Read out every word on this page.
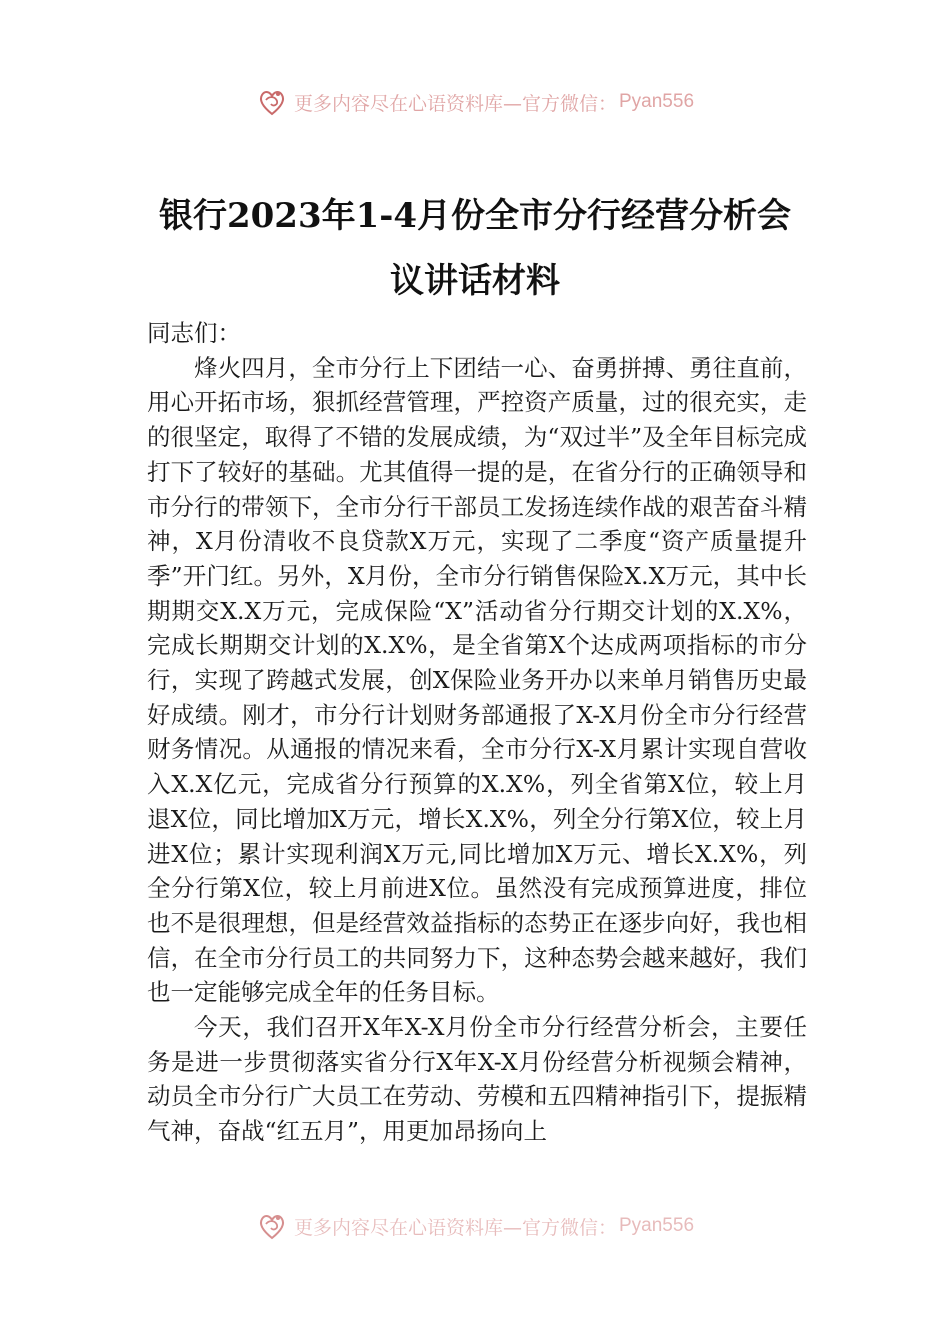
更多内容尽在心语资料库—官方微信： Pyan556
银行2023年1-4月份全市分行经营分析会
议讲话材料

同志们：

烽火四月，全市分行上下团结一心、奋勇拼搏、勇往直前，用心开拓市场，狠抓经营管理，严控资产质量，过的很充实，走的很坚定，取得了不错的发展成绩，为“双过半”及全年目标完成打下了较好的基础。尤其值得一提的是，在省分行的正确领导和市分行的带领下，全市分行干部员工发扬连续作战的艰苦奋斗精神，X月份清收不良贷款X万元，实现了二季度“资产质量提升季”开门红。另外，X月份，全市分行销售保险X.X万元，其中长期期交X.X万元，完成保险“X”活动省分行期交计划的X.X%，完成长期期交计划的X.X%，是全省第X个达成两项指标的市分行，实现了跨越式发展，创X保险业务开办以来单月销售历史最好成绩。刚才，市分行计划财务部通报了X-X月份全市分行经营财务情况。从通报的情况来看，全市分行X-X月累计实现自营收入X.X亿元，完成省分行预算的X.X%，列全省第X位，较上月退X位，同比增加X万元，增长X.X%，列全分行第X位，较上月进X位；累计实现利润X万元,同比增加X万元、增长X.X%，列全分行第X位，较上月前进X位。虽然没有完成预算进度，排位也不是很理想，但是经营效益指标的态势正在逐步向好，我也相信，在全市分行员工的共同努力下，这种态势会越来越好，我们也一定能够完成全年的任务目标。

今天，我们召开X年X-X月份全市分行经营分析会，主要任务是进一步贯彻落实省分行X年X-X月份经营分析视频会精神，动员全市分行广大员工在劳动、劳模和五四精神指引下，提振精气神，奋战“红五月”，用更加昂扬向上

更多内容尽在心语资料库—官方微信： Pyan556
